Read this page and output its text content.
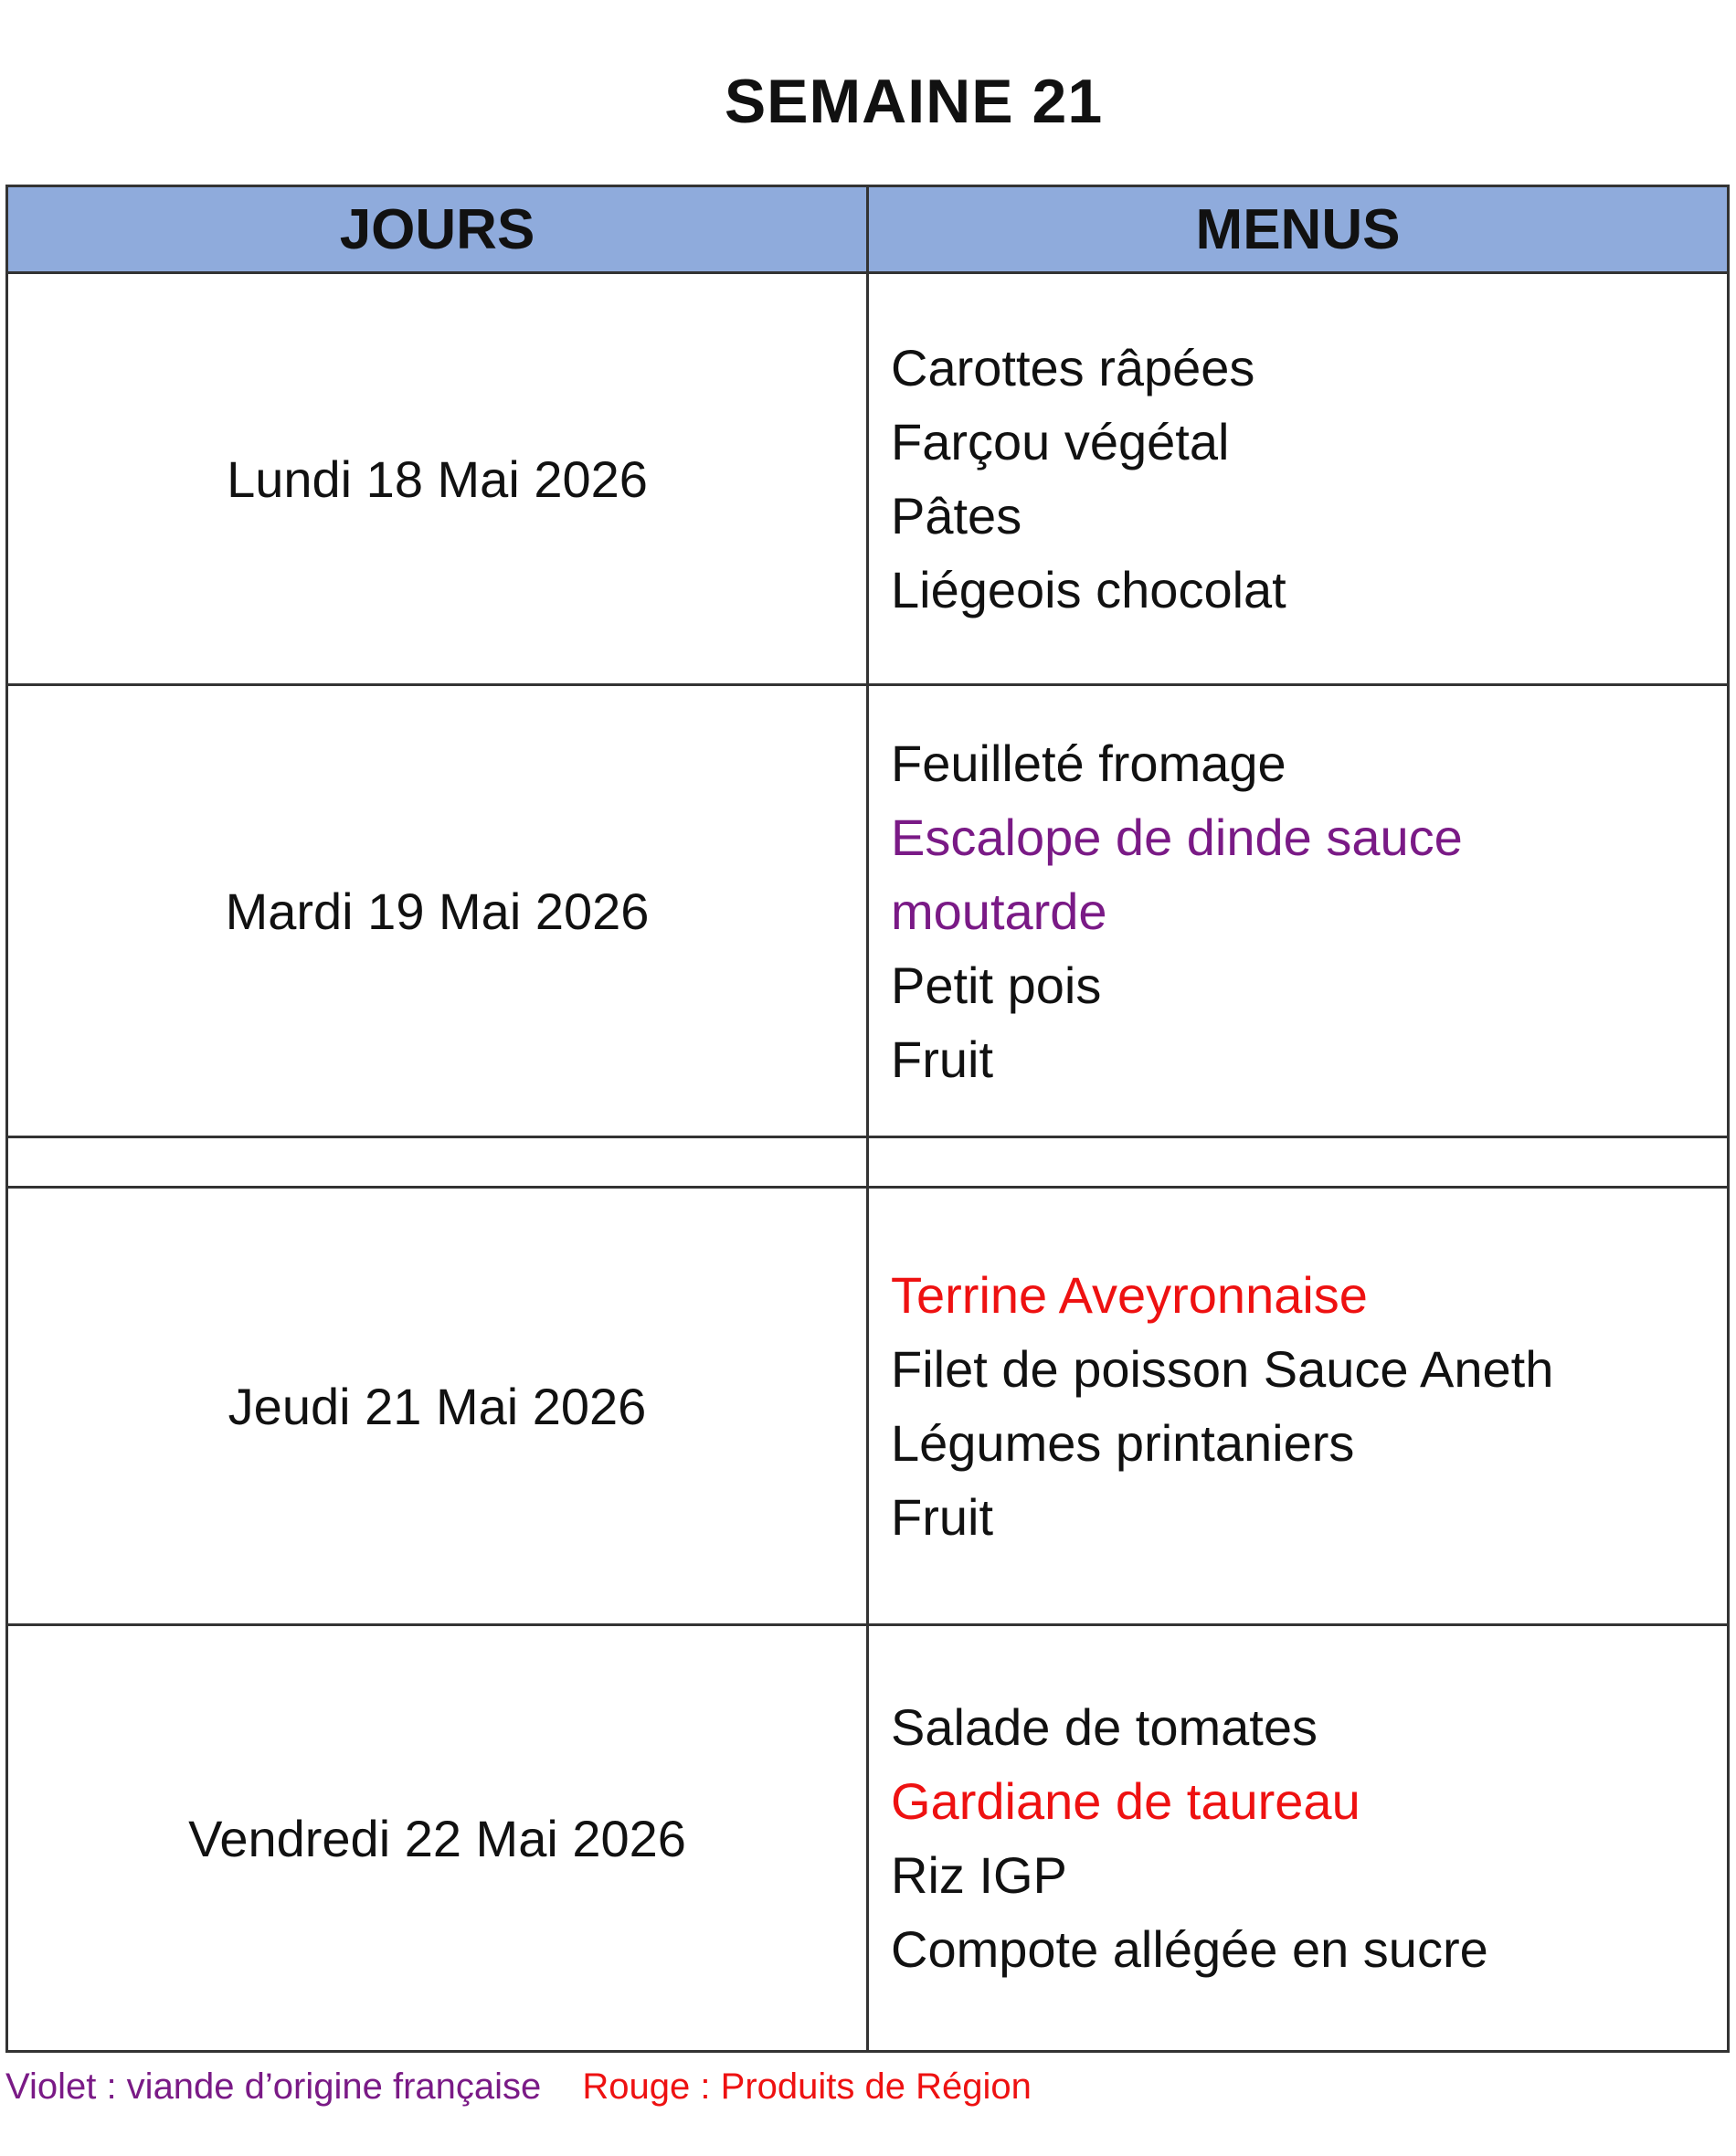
SEMAINE 21
JOURS	MENUS
Lundi 18 Mai 2026	Carottes râpées
Farçou végétal
Pâtes
Liégeois chocolat

Mardi 19 Mai 2026	Feuilleté fromage
Escalope de dinde sauce moutarde
Petit pois
Fruit

Jeudi 21 Mai 2026	Terrine Aveyronnaise
Filet de poisson Sauce Aneth
Légumes printaniers
Fruit

Vendredi 22 Mai 2026	Salade de tomates
Gardiane de taureau
Riz IGP
Compote allégée en sucre
Violet : viande d’origine française Rouge : Produits de Région
